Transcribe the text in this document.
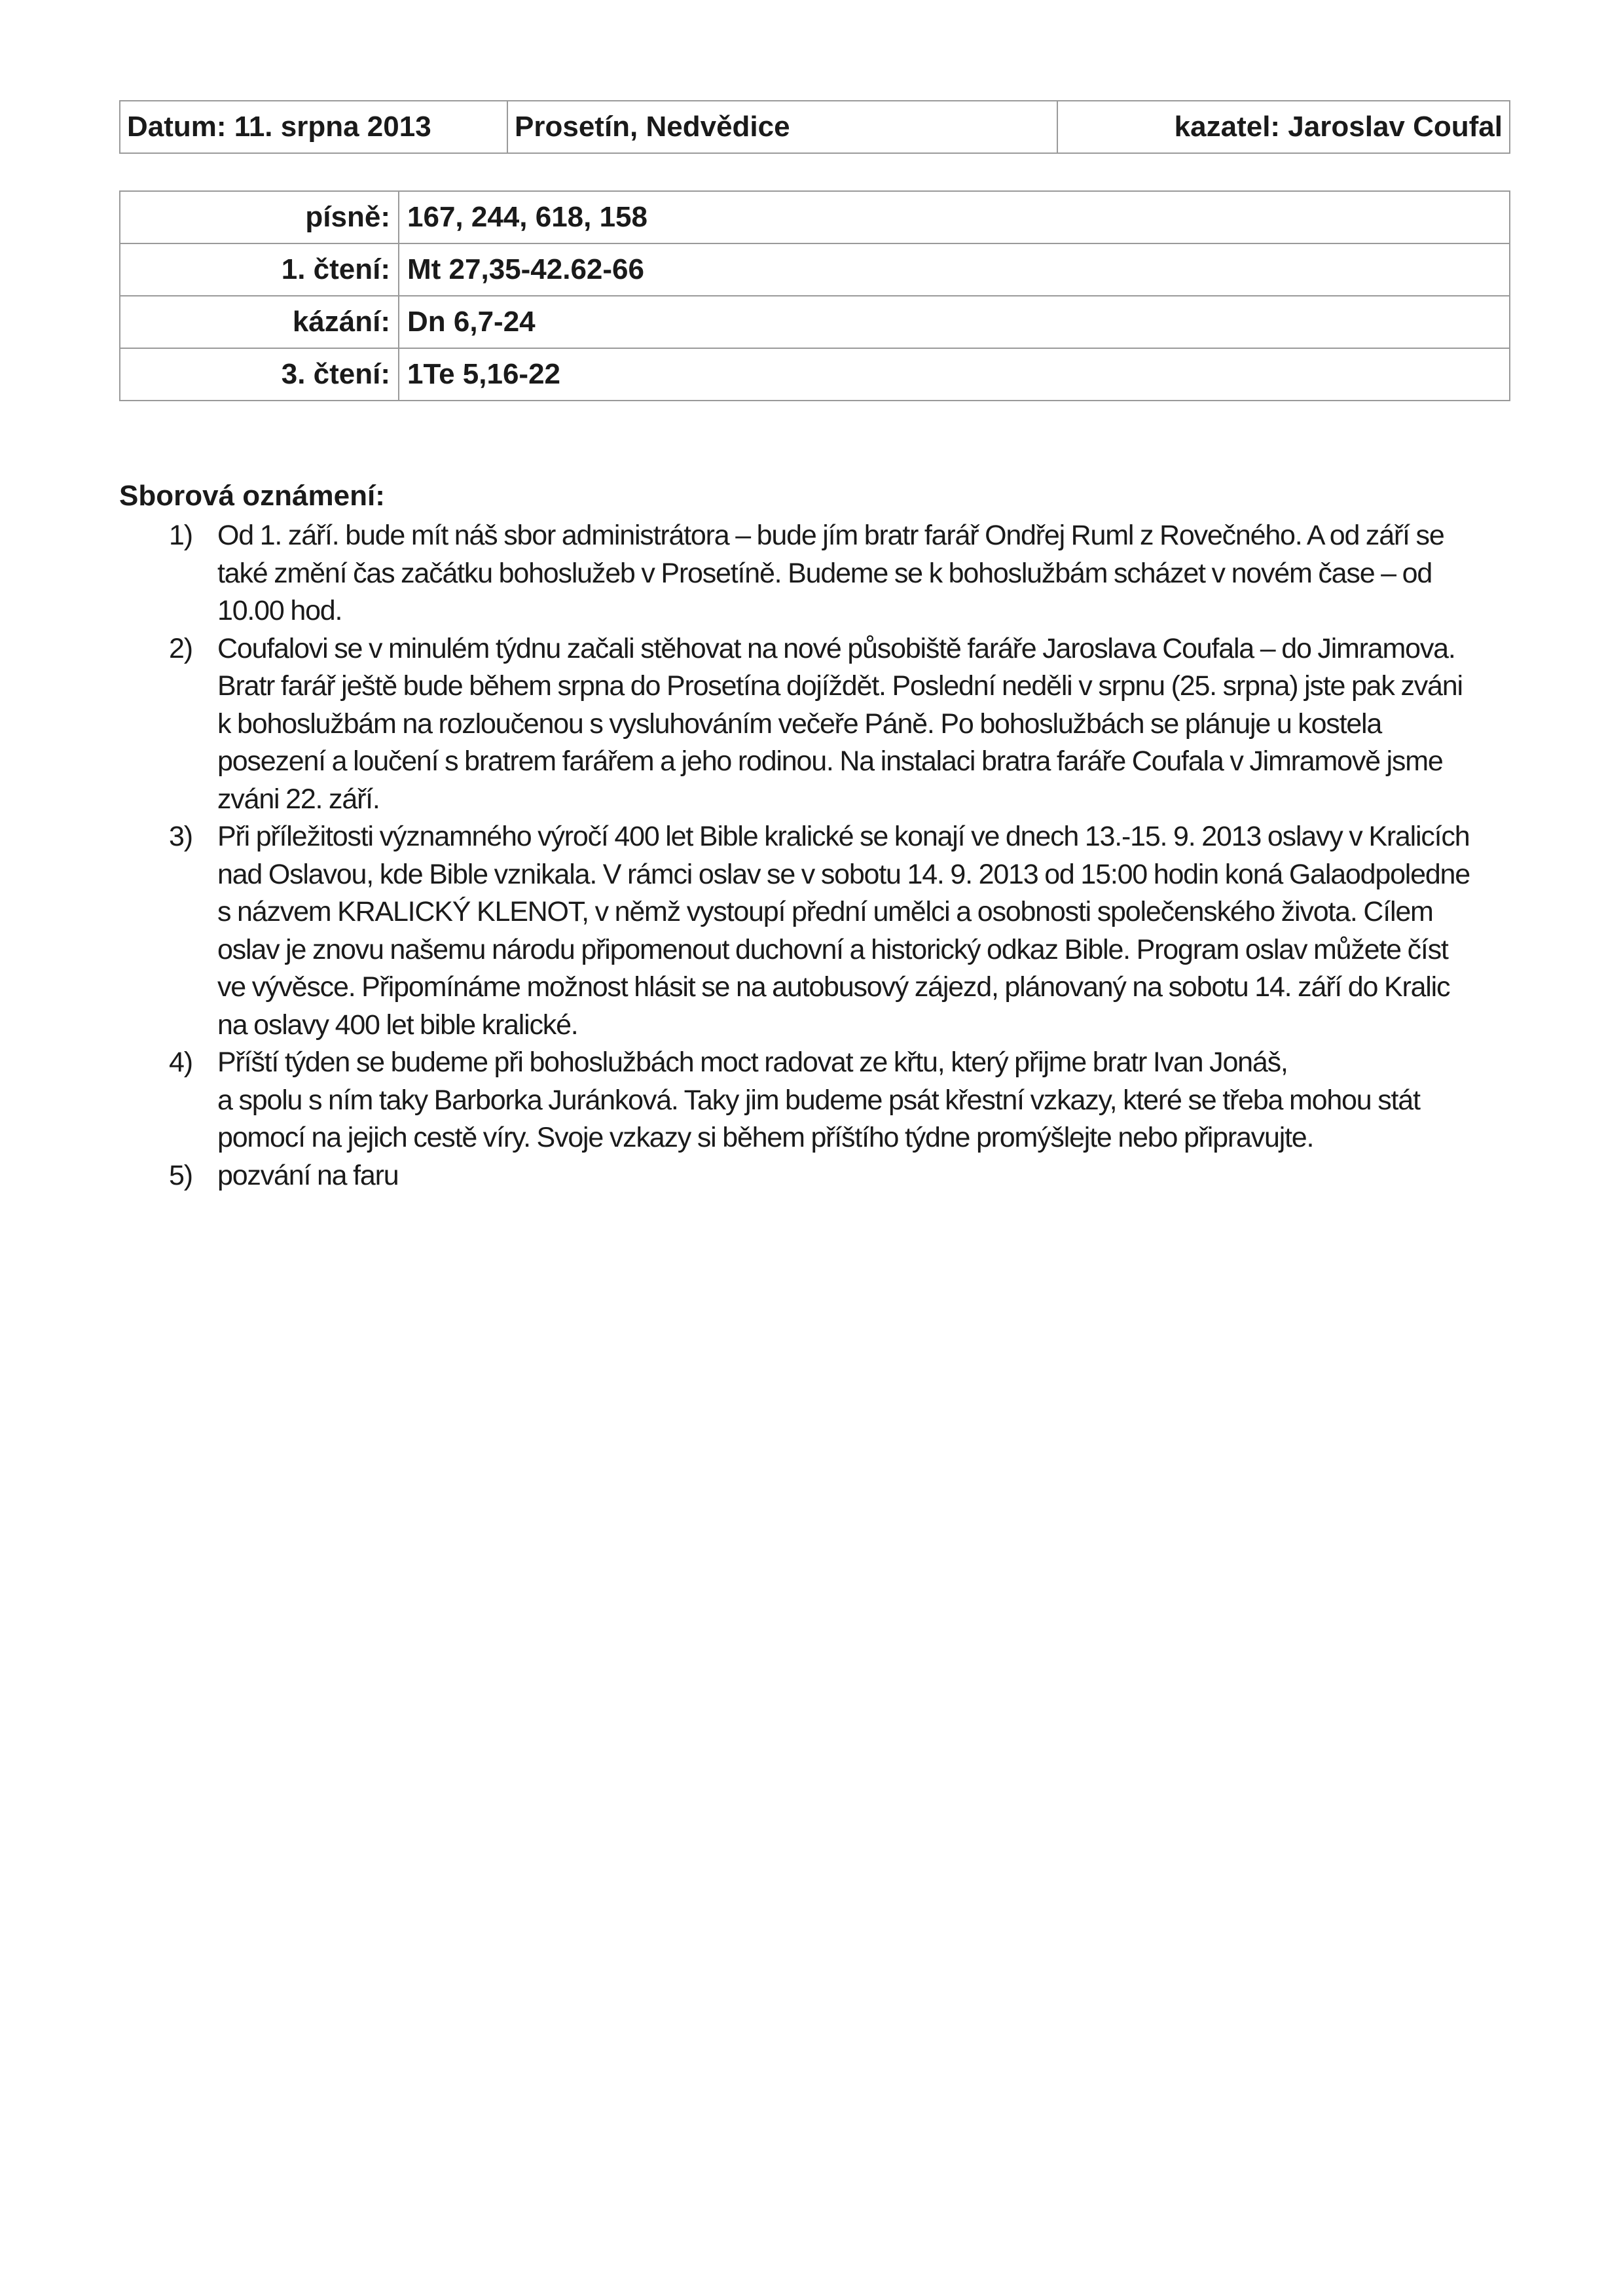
Datum: 11. srpna 2013	Prosetín, Nedvědice	kazatel: Jaroslav Coufal
písně:	167, 244, 618, 158
1. čtení:	Mt 27,35-42.62-66
kázání:	Dn 6,7-24
3. čtení:	1Te 5,16-22
Sborová oznámení:
1) Od 1. září. bude mít náš sbor administrátora – bude jím bratr farář Ondřej Ruml z Rovečného. A od září se
také změní čas začátku bohoslužeb v Prosetíně. Budeme se k bohoslužbám scházet v novém čase – od
10.00 hod.
2) Coufalovi se v minulém týdnu začali stěhovat na nové působiště faráře Jaroslava Coufala – do Jimramova.
Bratr farář ještě bude během srpna do Prosetína dojíždět. Poslední neděli v srpnu (25. srpna) jste pak zváni
k bohoslužbám na rozloučenou s vysluhováním večeře Páně. Po bohoslužbách se plánuje u kostela
posezení a loučení s bratrem farářem a jeho rodinou. Na instalaci bratra faráře Coufala v Jimramově jsme
zváni 22. září.
3) Při příležitosti významného výročí 400 let Bible kralické se konají ve dnech 13.-15. 9. 2013 oslavy v Kralicích
nad Oslavou, kde Bible vznikala. V rámci oslav se v sobotu 14. 9. 2013 od 15:00 hodin koná Galaodpoledne
s názvem KRALICKÝ KLENOT, v němž vystoupí přední umělci a osobnosti společenského života. Cílem
oslav je znovu našemu národu připomenout duchovní a historický odkaz Bible. Program oslav můžete číst
ve vývěsce. Připomínáme možnost hlásit se na autobusový zájezd, plánovaný na sobotu 14. září do Kralic
na oslavy 400 let bible kralické.
4) Příští týden se budeme při bohoslužbách moct radovat ze křtu, který přijme bratr Ivan Jonáš,
a spolu s ním taky Barborka Juránková. Taky jim budeme psát křestní vzkazy, které se třeba mohou stát
pomocí na jejich cestě víry. Svoje vzkazy si během příštího týdne promýšlejte nebo připravujte.
5) pozvání na faru
